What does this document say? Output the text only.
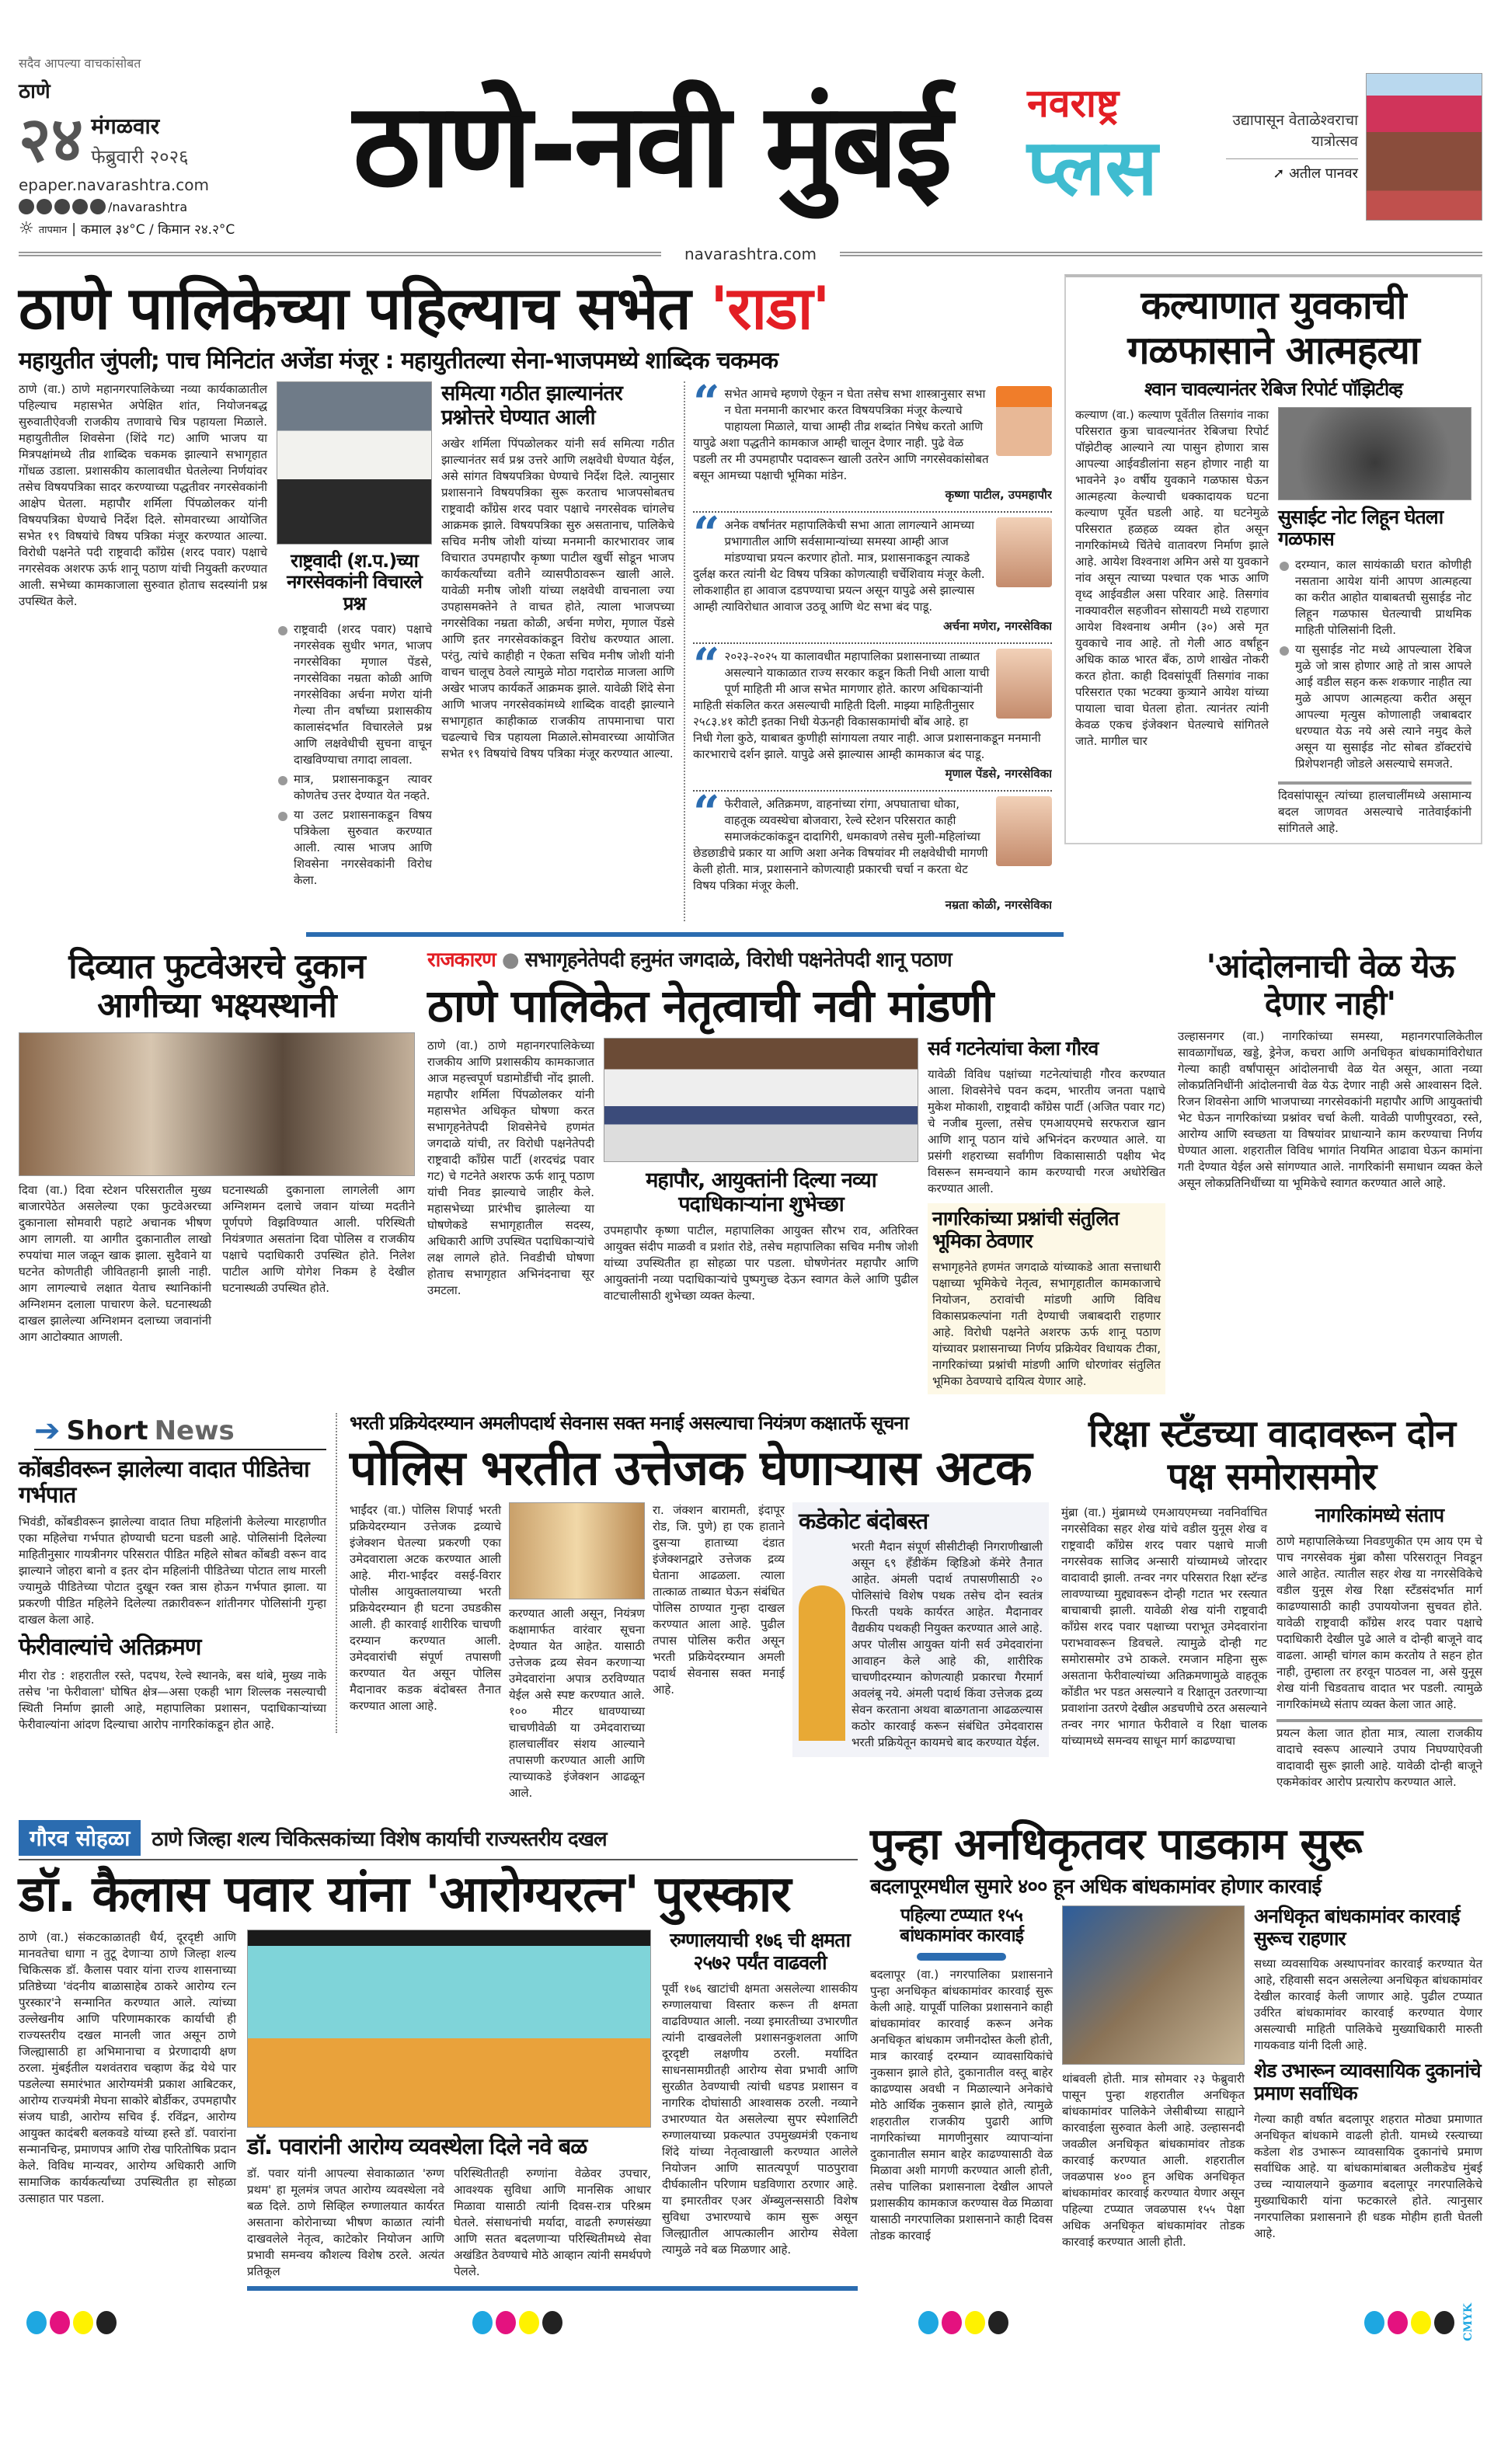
सदैव आपल्या वाचकांसोबत
ठाणे
२४ मंगळवार
फेब्रुवारी २०२६
epaper.navarashtra.com
/navarashtra
☼ तापमान | कमाल ३४°C / किमान २४.२°C
ठाणे-नवी मुंबई	नवराष्ट्र
प्लस
उद्यापासून वेताळेश्वराचा यात्रोत्सव
➚ अतील पानवर
navarashtra.com
ठाणे पालिकेच्या पहिल्याच सभेत 'राडा'
महायुतीत जुंपली; पाच मिनिटांत अजेंडा मंजूर : महायुतीतल्या सेना-भाजपमध्ये शाब्दिक चकमक
ठाणे (वा.) ठाणे महानगरपालिकेच्या नव्या कार्यकाळातील पहिल्याच महासभेत अपेक्षित शांत, नियोजनबद्ध सुरुवातीऐवजी राजकीय तणावाचे चित्र पहायला मिळाले. महायुतीतील शिवसेना (शिंदे गट) आणि भाजप या मित्रपक्षांमध्ये तीव्र शाब्दिक चकमक झाल्याने सभागृहात गोंधळ उडाला. प्रशासकीय कालावधीत घेतलेल्या निर्णयांवर तसेच विषयपत्रिका सादर करण्याच्या पद्धतीवर नगरसेवकांनी आक्षेप घेतला. महापौर शर्मिला पिंपळोलकर यांनी विषयपत्रिका घेण्याचे निर्देश दिले. सोमवारच्या आयोजित सभेत १९ विषयांचे विषय पत्रिका मंजूर करण्यात आल्या. विरोधी पक्षनेते पदी राष्ट्रवादी काँग्रेस (शरद पवार) पक्षाचे नगरसेवक अशरफ ऊर्फ शानू पठाण यांची नियुक्ती करण्यात आली. सभेच्या कामकाजाला सुरुवात होताच सदस्यांनी प्रश्न उपस्थित केले.
राष्ट्रवादी (श.प.)च्या नगरसेवकांनी विचारले प्रश्न

राष्ट्रवादी (शरद पवार) पक्षाचे नगरसेवक सुधीर भगत, भाजप नगरसेविका मृणाल पेंडसे, नगरसेविका नम्रता कोळी आणि नगरसेविका अर्चना मणेरा यांनी गेल्या तीन वर्षांच्या प्रशासकीय कालासंदर्भात विचारलेले प्रश्न आणि लक्षवेधीची सुचना वाचून दाखविण्याचा तगादा लावला.

मात्र, प्रशासनाकडून त्यावर कोणतेच उत्तर देण्यात येत नव्हते.

या उलट प्रशासनाकडून विषय पत्रिकेला सुरुवात करण्यात आली. त्यास भाजप आणि शिवसेना नगरसेवकांनी विरोध केला.

समित्या गठीत झाल्यानंतर प्रश्नोत्तरे घेण्यात आली
अखेर शर्मिला पिंपळोलकर यांनी सर्व समित्या गठीत झाल्यानंतर सर्व प्रश्न उत्तरे आणि लक्षवेधी घेण्यात येईल, असे सांगत विषयपत्रिका घेण्याचे निर्देश दिले. त्यानुसार प्रशासनाने विषयपत्रिका सुरू करताच भाजपसोबतच राष्ट्रवादी काँग्रेस शरद पवार पक्षाचे नगरसेवक चांगलेच आक्रमक झाले. विषयपत्रिका सुरु असतानाच, पालिकेचे सचिव मनीष जोशी यांच्या मनमानी कारभारावर जाब विचारात उपमहापौर कृष्णा पाटील खुर्ची सोडून भाजप कार्यकर्त्यांच्या वतीने व्यासपीठावरून खाली आले. यावेळी मनीष जोशी यांच्या लक्षवेधी वाचनाला ज्या उपहासमक्तेने ते वाचत होते, त्याला भाजपच्या नगरसेविका नम्रता कोळी, अर्चना मणेरा, मृणाल पेंडसे आणि इतर नगरसेवकांकडून विरोध करण्यात आला. परंतु, त्यांचे काहीही न ऐकता सचिव मनीष जोशी यांनी वाचन चालूच ठेवले त्यामुळे मोठा गदारोळ माजला आणि अखेर भाजप कार्यकर्ते आक्रमक झाले. यावेळी शिंदे सेना आणि भाजप नगरसेवकांमध्ये शाब्दिक वादही झाल्याने सभागृहात काहीकाळ राजकीय तापमानाचा पारा चढल्याचे चित्र पहायला मिळाले.सोमवारच्या आयोजित सभेत १९ विषयांचे विषय पत्रिका मंजूर करण्यात आल्या.
“ सभेत आमचे म्हणणे ऐकून न घेता तसेच सभा शास्त्रानुसार सभा न घेता मनमानी कारभार करत विषयपत्रिका मंजूर केल्याचे पाहायला मिळाले, याचा आम्ही तीव्र शब्दांत निषेध करतो आणि यापुढे अशा पद्धतीने कामकाज आम्ही चालून देणार नाही. पुढे वेळ पडली तर मी उपमहापौर पदावरून खाली उतरेन आणि नगरसेवकांसोबत बसून आमच्या पक्षाची भूमिका मांडेन.
कृष्णा पाटील, उपमहापौर
“ अनेक वर्षांनंतर महापालिकेची सभा आता लागल्याने आमच्या प्रभागातील आणि सर्वसामान्यांच्या समस्या आम्ही आज मांडण्याचा प्रयत्न करणार होतो. मात्र, प्रशासनाकडून त्याकडे दुर्लक्ष करत त्यांनी थेट विषय पत्रिका कोणत्याही चर्चेशिवाय मंजूर केली. लोकशाहीत हा आवाज दडपण्याचा प्रयत्न असून यापुढे असे झाल्यास आम्ही त्याविरोधात आवाज उठवू आणि थेट सभा बंद पाडू.
अर्चना मणेरा, नगरसेविका
“ २०२३-२०२५ या कालावधीत महापालिका प्रशासनाच्या ताब्यात असल्याने याकाळात राज्य सरकार कडून किती निधी आला याची पूर्ण माहिती मी आज सभेत मागणार होते. कारण अधिकाऱ्यांनी माहिती संकलित करत असल्याची माहिती दिली. माझ्या माहितीनुसार २५८३.४१ कोटी इतका निधी येऊनही विकासकामांची बोंब आहे. हा निधी गेला कुठे, याबाबत कुणीही सांगायला तयार नाही. आज प्रशासनाकडून मनमानी कारभाराचे दर्शन झाले. यापुढे असे झाल्यास आम्ही कामकाज बंद पाडू.
मृणाल पेंडसे, नगरसेविका
“ फेरीवाले, अतिक्रमण, वाहनांच्या रांगा, अपघाताचा धोका, वाहतूक व्यवस्थेचा बोजवारा, रेल्वे स्टेशन परिसरात काही समाजकंटकांकडून दादागिरी, धमकावणे तसेच मुली-महिलांच्या छेडछाडीचे प्रकार या आणि अशा अनेक विषयांवर मी लक्षवेधीची मागणी केली होती. मात्र, प्रशासनाने कोणत्याही प्रकारची चर्चा न करता थेट विषय पत्रिका मंजूर केली.
नम्रता कोळी, नगरसेविका
कल्याणात युवकाची गळफासाने आत्महत्या
श्वान चावल्यानंतर रेबिज रिपोर्ट पॉझिटीव्ह
कल्याण (वा.) कल्याण पूर्वेतील तिसगांव नाका परिसरात कुत्रा चावल्यानंतर रेबिजचा रिपोर्ट पॉझेटीव्ह आल्याने त्या पासुन होणारा त्रास आपल्या आईवडीलांना सहन होणार नाही या भावनेने ३० वर्षीय युवकाने गळफास घेऊन आत्महत्या केल्याची धक्कादायक घटना कल्याण पूर्वेत घडली आहे. या घटनेमुळे परिसरात हळहळ व्यक्त होत असून नागरिकांमध्ये चिंतेचे वातावरण निर्माण झाले आहे. आयेश विश्वनाश अमिन असे या युवकाने नांव असून त्याच्या पश्चात एक भाऊ आणि वृध्द आईवडील असा परिवार आहे. तिसगांव नाक्यावरील सहजीवन सोसायटी मध्ये राहणारा आयेश विश्वनाथ अमीन (३०) असे मृत युवकाचे नाव आहे. तो गेली आठ वर्षांहून अधिक काळ भारत बँक, ठाणे शाखेत नोकरी करत होता. काही दिवसांपूर्वी तिसगांव नाका परिसरात एका भटक्या कुत्र्याने आयेश यांच्या पायाला चावा घेतला होता. त्यानंतर त्यांनी केवळ एकच इंजेक्शन घेतल्याचे सांगितले जाते. मागील चार
सुसाईट नोट लिहून घेतला गळफास

दरम्यान, काल सायंकाळी घरात कोणीही नसताना आयेश यांनी आपण आत्महत्या का करीत आहोत याबाबतची सुसाईड नोट लिहून गळफास घेतल्याची प्राथमिक माहिती पोलिसांनी दिली.

या सुसाईड नोट मध्ये आपल्याला रेबिज मुळे जो त्रास होणार आहे तो त्रास आपले आई वडील सहन करू शकणार नाहीत त्या मुळे आपण आत्महत्या करीत असून आपल्या मृत्युस कोणालाही जबाबदार धरण्यात येऊ नये असे त्याने नमुद केले असून या सुसाईड नोट सोबत डॉक्टरांचे प्रिशेपशनही जोडले असल्याचे समजते.

दिवसांपासून त्यांच्या हालचालींमध्ये असामान्य बदल जाणवत असल्याचे नातेवाईकांनी सांगितले आहे.
दिव्यात फुटवेअरचे दुकान आगीच्या भक्ष्यस्थानी
दिवा (वा.) दिवा स्टेशन परिसरातील मुख्य बाजारपेठेत असलेल्या एका फुटवेअरच्या दुकानाला सोमवारी पहाटे अचानक भीषण आग लागली. या आगीत दुकानातील लाखो रुपयांचा माल जळून खाक झाला. सुदैवाने या घटनेत कोणतीही जीवितहानी झाली नाही. आग लागल्याचे लक्षात येताच स्थानिकांनी अग्निशमन दलाला पाचारण केले. घटनास्थळी दाखल झालेल्या अग्निशमन दलाच्या जवानांनी आग आटोक्यात आणली.
घटनास्थळी दुकानाला लागलेली आग अग्निशमन दलाचे जवान यांच्या मदतीने पूर्णपणे विझविण्यात आली. परिस्थिती नियंत्रणात असतांना दिवा पोलिस व राजकीय पक्षाचे पदाधिकारी उपस्थित होते. निलेश पाटील आणि योगेश निकम हे देखील घटनास्थळी उपस्थित होते.
राजकारण ● सभागृहनेतेपदी हनुमंत जगदाळे, विरोधी पक्षनेतेपदी शानू पठाण
ठाणे पालिकेत नेतृत्वाची नवी मांडणी
ठाणे (वा.) ठाणे महानगरपालिकेच्या राजकीय आणि प्रशासकीय कामकाजात आज महत्त्वपूर्ण घडामोडींची नोंद झाली. महापौर शर्मिला पिंपळोलकर यांनी महासभेत अधिकृत घोषणा करत सभागृहनेतेपदी शिवसेनेचे हणमंत जगदाळे यांची, तर विरोधी पक्षनेतेपदी राष्ट्रवादी काँग्रेस पार्टी (शरदचंद्र पवार गट) चे गटनेते अशरफ ऊर्फ शानू पठाण यांची निवड झाल्याचे जाहीर केले. महासभेच्या प्रारंभीच झालेल्या या घोषणेकडे सभागृहातील सदस्य, अधिकारी आणि उपस्थित पदाधिकाऱ्यांचे लक्ष लागले होते. निवडीची घोषणा होताच सभागृहात अभिनंदनाचा सूर उमटला.
महापौर, आयुक्तांनी दिल्या नव्या पदाधिकाऱ्यांना शुभेच्छा
उपमहापौर कृष्णा पाटील, महापालिका आयुक्त सौरभ राव, अतिरिक्त आयुक्त संदीप माळवी व प्रशांत रोडे, तसेच महापालिका सचिव मनीष जोशी यांच्या उपस्थितीत हा सोहळा पार पडला. घोषणेनंतर महापौर आणि आयुक्तांनी नव्या पदाधिकाऱ्यांचे पुष्पगुच्छ देऊन स्वागत केले आणि पुढील वाटचालीसाठी शुभेच्छा व्यक्त केल्या.
सर्व गटनेत्यांचा केला गौरव
यावेळी विविध पक्षांच्या गटनेत्यांचाही गौरव करण्यात आला. शिवसेनेचे पवन कदम, भारतीय जनता पक्षाचे मुकेश मोकाशी, राष्ट्रवादी काँग्रेस पार्टी (अजित पवार गट) चे नजीब मुल्ला, तसेच एमआयएमचे सरफराज खान आणि शानू पठान यांचे अभिनंदन करण्यात आले. या प्रसंगी शहराच्या सर्वांगीण विकासासाठी पक्षीय भेद विसरून समन्वयाने काम करण्याची गरज अधोरेखित करण्यात आली.
नागरिकांच्या प्रश्नांची संतुलित भूमिका ठेवणार
सभागृहनेते हणमंत जगदाळे यांच्याकडे आता सत्ताधारी पक्षाच्या भूमिकेचे नेतृत्व, सभागृहातील कामकाजाचे नियोजन, ठरावांची मांडणी आणि विविध विकासप्रकल्पांना गती देण्याची जबाबदारी राहणार आहे. विरोधी पक्षनेते अशरफ ऊर्फ शानू पठाण यांच्यावर प्रशासनाच्या निर्णय प्रक्रियेवर विधायक टीका, नागरिकांच्या प्रश्नांची मांडणी आणि धोरणांवर संतुलित भूमिका ठेवण्याचे दायित्व येणार आहे.
'आंदोलनाची वेळ येऊ देणार नाही'
उल्हासनगर (वा.) नागरिकांच्या समस्या, महानगरपालिकेतील सावळागोंधळ, खड्डे, ड्रेनेज, कचरा आणि अनधिकृत बांधकामांविरोधात गेल्या काही वर्षांपासून आंदोलनाची वेळ येत असून, आता नव्या लोकप्रतिनिधींनी आंदोलनाची वेळ येऊ देणार नाही असे आश्वासन दिले. रिजन शिवसेना आणि भाजपाच्या नगरसेवकांनी महापौर आणि आयुक्तांची भेट घेऊन नागरिकांच्या प्रश्नांवर चर्चा केली. यावेळी पाणीपुरवठा, रस्ते, आरोग्य आणि स्वच्छता या विषयांवर प्राधान्याने काम करण्याचा निर्णय घेण्यात आला. शहरातील विविध भागांत नियमित आढावा घेऊन कामांना गती देण्यात येईल असे सांगण्यात आले. नागरिकांनी समाधान व्यक्त केले असून लोकप्रतिनिधींच्या या भूमिकेचे स्वागत करण्यात आले आहे.
➔ Short News
कोंबडीवरून झालेल्या वादात पीडितेचा गर्भपात
भिवंडी, कोंबडीवरून झालेल्या वादात तिघा महिलांनी केलेल्या मारहाणीत एका महिलेचा गर्भपात होण्याची घटना घडली आहे. पोलिसांनी दिलेल्या माहितीनुसार गायत्रीनगर परिसरात पीडित महिले सोबत कोंबडी वरून वाद झाल्याने जोहरा बानो व इतर दोन महिलांनी पीडितेच्या पोटात लाथ मारली ज्यामुळे पीडितेच्या पोटात दुखून रक्त त्रास होऊन गर्भपात झाला. या प्रकरणी पीडित महिलेने दिलेल्या तक्रारीवरून शांतीनगर पोलिसांनी गुन्हा दाखल केला आहे.
फेरीवाल्यांचे अतिक्रमण
मीरा रोड : शहरातील रस्ते, पदपथ, रेल्वे स्थानके, बस थांबे, मुख्य नाके तसेच 'ना फेरीवाला' घोषित क्षेत्र—असा एकही भाग शिल्लक नसल्याची स्थिती निर्माण झाली आहे, महापालिका प्रशासन, पदाधिकाऱ्यांच्या फेरीवाल्यांना आंदण दिल्याचा आरोप नागरिकांकडून होत आहे.
भरती प्रक्रियेदरम्यान अमलीपदार्थ सेवनास सक्त मनाई असल्याचा नियंत्रण कक्षातर्फे सूचना
पोलिस भरतीत उत्तेजक घेणाऱ्यास अटक
भाईंदर (वा.) पोलिस शिपाई भरती प्रक्रियेदरम्यान उत्तेजक द्रव्याचे इंजेक्शन घेतल्या प्रकरणी एका उमेदवाराला अटक करण्यात आली आहे. मीरा-भाईंदर वसई-विरार पोलीस आयुक्तालयाच्या भरती प्रक्रियेदरम्यान ही घटना उघडकीस आली. ही कारवाई शारीरिक चाचणी दरम्यान करण्यात आली. उमेदवारांची संपूर्ण तपासणी करण्यात येत असून पोलिस मैदानावर कडक बंदोबस्त तैनात करण्यात आला आहे.
करण्यात आली असून, नियंत्रण कक्षामार्फत वारंवार सूचना देण्यात येत आहेत. यासाठी उत्तेजक द्रव्य सेवन करणाऱ्या उमेदवारांना अपात्र ठरविण्यात येईल असे स्पष्ट करण्यात आले. १०० मीटर धावण्याच्या चाचणीवेळी या उमेदवाराच्या हालचालींवर संशय आल्याने तपासणी करण्यात आली आणि त्याच्याकडे इंजेक्शन आढळून आले.
रा. जंक्शन बारामती, इंदापूर रोड, जि. पुणे) हा एक हाताने दुसऱ्या हाताच्या दंडात इंजेक्शनद्वारे उत्तेजक द्रव्य घेताना आढळला. त्याला तात्काळ ताब्यात घेऊन संबंधित पोलिस ठाण्यात गुन्हा दाखल करण्यात आला आहे. पुढील तपास पोलिस करीत असून भरती प्रक्रियेदरम्यान अमली पदार्थ सेवनास सक्त मनाई आहे.
कडेकोट बंदोबस्त
भरती मैदान संपूर्ण सीसीटीव्ही निगराणीखाली असून ६९ हँडीकॅम व्हिडिओ कॅमेरे तैनात आहेत. अंमली पदार्थ तपासणीसाठी २० पोलिसांचे विशेष पथक तसेच दोन स्वतंत्र फिरती पथके कार्यरत आहेत. मैदानावर वैद्यकीय पथकही नियुक्त करण्यात आले आहे. अपर पोलीस आयुक्त यांनी सर्व उमेदवारांना आवाहन केले आहे की, शारीरिक चाचणीदरम्यान कोणत्याही प्रकारचा गैरमार्ग अवलंबू नये. अंमली पदार्थ किंवा उत्तेजक द्रव्य सेवन करताना अथवा बाळगताना आढळल्यास कठोर कारवाई करून संबंधित उमेदवारास भरती प्रक्रियेतून कायमचे बाद करण्यात येईल.
रिक्षा स्टँडच्या वादावरून दोन पक्ष समोरासमोर
मुंब्रा (वा.) मुंब्रामध्ये एमआयएमच्या नवनिर्वाचित नगरसेविका सहर शेख यांचे वडील युनूस शेख व राष्ट्रवादी काँग्रेस शरद पवार पक्षाचे माजी नगरसेवक साजिद अन्सारी यांच्यामध्ये जोरदार वादावादी झाली. तन्वर नगर परिसरात रिक्षा स्टॅन्ड लावण्याच्या मुद्द्यावरून दोन्ही गटात भर रस्त्यात बाचाबाची झाली. यावेळी शेख यांनी राष्ट्रवादी काँग्रेस शरद पवार पक्षाच्या पराभूत उमेदवारांना पराभवावरून डिवचले. त्यामुळे दोन्ही गट समोरासमोर उभे ठाकले. रमजान महिना सुरू असताना फेरीवाल्यांच्या अतिक्रमणामुळे वाहतूक कोंडीत भर पडत असल्याने व रिक्षातून उतरणाऱ्या प्रवाशांना उतरणे देखील अडचणीचे ठरत असल्याने तन्वर नगर भागात फेरीवाले व रिक्षा चालक यांच्यामध्ये समन्वय साधून मार्ग काढण्याचा
नागरिकांमध्ये संताप
ठाणे महापालिकेच्या निवडणुकीत एम आय एम चे पाच नगरसेवक मुंब्रा कौसा परिसरातून निवडून आले आहेत. त्यातील सहर शेख या नगरसेविकेचे वडील युनूस शेख रिक्षा स्टँडसंदर्भात मार्ग काढण्यासाठी काही उपाययोजना सुचवत होते. यावेळी राष्ट्रवादी काँग्रेस शरद पवार पक्षाचे पदाधिकारी देखील पुढे आले व दोन्ही बाजूने वाद वाढला. आम्ही चांगल काम करतोय ते सहन होत नाही, तुम्हाला तर हरवून पाठवल ना, असे युनूस शेख यांनी चिडवताच वादात भर पडली. त्यामुळे नागरिकांमध्ये संताप व्यक्त केला जात आहे.
प्रयत्न केला जात होता मात्र, त्याला राजकीय वादाचे स्वरूप आल्याने उपाय निघण्याऐवजी वादावादी सुरू झाली आहे. यावेळी दोन्ही बाजूने एकमेकांवर आरोप प्रत्यारोप करण्यात आले.
गौरव सोहळा	ठाणे जिल्हा शल्य चिकित्सकांच्या विशेष कार्याची राज्यस्तरीय दखल
डॉ. कैलास पवार यांना 'आरोग्यरत्न' पुरस्कार
ठाणे (वा.) संकटकाळातही धैर्य, दूरदृष्टी आणि मानवतेचा धागा न तुटू देणाऱ्या ठाणे जिल्हा शल्य चिकित्सक डॉ. कैलास पवार यांना राज्य शासनाच्या प्रतिष्ठेच्या 'वंदनीय बाळासाहेब ठाकरे आरोग्य रत्न पुरस्कार'ने सन्मानित करण्यात आले. त्यांच्या उल्लेखनीय आणि परिणामकारक कार्याची ही राज्यस्तरीय दखल मानली जात असून ठाणे जिल्ह्यासाठी हा अभिमानाचा व प्रेरणादायी क्षण ठरला. मुंबईतील यशवंतराव चव्हाण केंद्र येथे पार पडलेल्या समारंभात आरोग्यमंत्री प्रकाश आबिटकर, आरोग्य राज्यमंत्री मेघना साकोरे बोर्डीकर, उपमहापौर संजय घाडी, आरोग्य सचिव ई. रविंद्रन, आरोग्य आयुक्त कादंबरी बलकवडे यांच्या हस्ते डॉ. पवारांना सन्मानचिन्ह, प्रमाणपत्र आणि रोख पारितोषिक प्रदान केले. विविध मान्यवर, आरोग्य अधिकारी आणि सामाजिक कार्यकर्त्यांच्या उपस्थितीत हा सोहळा उत्साहात पार पडला.
डॉ. पवारांनी आरोग्य व्यवस्थेला दिले नवे बळ
डॉ. पवार यांनी आपल्या सेवाकाळात 'रुग्ण प्रथम' हा मूलमंत्र जपत आरोग्य व्यवस्थेला नवे बळ दिले. ठाणे सिव्हिल रुग्णालयात कार्यरत असताना कोरोनाच्या भीषण काळात त्यांनी दाखवलेले नेतृत्व, काटेकोर नियोजन आणि प्रभावी समन्वय कौशल्य विशेष ठरले. अत्यंत प्रतिकूल
परिस्थितीतही रुग्णांना वेळेवर उपचार, आवश्यक सुविधा आणि मानसिक आधार मिळावा यासाठी त्यांनी दिवस-रात्र परिश्रम घेतले. संसाधनांची मर्यादा, वाढती रुग्णसंख्या आणि सतत बदलणाऱ्या परिस्थितीमध्ये सेवा अखंडित ठेवण्याचे मोठे आव्हान त्यांनी समर्थपणे पेलले.
रुग्णालयाची १७६ ची क्षमता २५७२ पर्यंत वाढवली
पूर्वी १७६ खाटांची क्षमता असलेल्या शासकीय रुग्णालयाचा विस्तार करून ती क्षमता वाढविण्यात आली. नव्या इमारतीच्या उभारणीत त्यांनी दाखवलेली प्रशासनकुशलता आणि दूरदृष्टी लक्षणीय ठरली. मर्यादित साधनसामग्रीतही आरोग्य सेवा प्रभावी आणि सुरळीत ठेवण्याची त्यांची धडपड प्रशासन व नागरिक दोघांसाठी आश्वासक ठरली. नव्याने उभारण्यात येत असलेल्या सुपर स्पेशालिटी रुग्णालयाच्या प्रकल्पात उपमुख्यमंत्री एकनाथ शिंदे यांच्या नेतृत्वाखाली करण्यात आलेले नियोजन आणि सातत्यपूर्ण पाठपुरावा दीर्घकालीन परिणाम घडविणारा ठरणार आहे. या इमारतीवर एअर ॲम्ब्युलन्ससाठी विशेष सुविधा उभारण्याचे काम सुरू असून जिल्ह्यातील आपत्कालीन आरोग्य सेवेला त्यामुळे नवे बळ मिळणार आहे.
पुन्हा अनधिकृतवर पाडकाम सुरू
बदलापूरमधील सुमारे ४०० हून अधिक बांधकामांवर होणार कारवाई
पहिल्या टप्प्यात १५५ बांधकामांवर कारवाई
बदलापूर (वा.) नगरपालिका प्रशासनाने पुन्हा अनधिकृत बांधकामांवर कारवाई सुरू केली आहे. यापूर्वी पालिका प्रशासनाने काही बांधकामांवर कारवाई करून अनेक अनधिकृत बांधकाम जमीनदोस्त केली होती, मात्र कारवाई दरम्यान व्यावसायिकांचे नुकसान झाले होते, दुकानातील वस्तू बाहेर काढण्यास अवधी न मिळाल्याने अनेकांचे मोठे आर्थिक नुकसान झाले होते, त्यामुळे शहरातील राजकीय पुढारी आणि नागरिकांच्या मागणीनुसार व्यापाऱ्यांना दुकानातील समान बाहेर काढण्यासाठी वेळ मिळावा अशी मागणी करण्यात आली होती, तसेच पालिका प्रशासनाला देखील आपले प्रशासकीय कामकाज करण्यास वेळ मिळावा यासाठी नगरपालिका प्रशासनाने काही दिवस तोडक कारवाई
थांबवली होती. मात्र सोमवार २३ फेब्रुवारी पासून पुन्हा शहरातील अनधिकृत बांधकामांवर पालिकेने जेसीबीच्या साह्याने कारवाईला सुरुवात केली आहे. उल्हासनदी जवळील अनधिकृत बांधकामांवर तोडक कारवाई करण्यात आली. शहरातील जवळपास ४०० हून अधिक अनधिकृत बांधकामांवर कारवाई करण्यात येणार असून पहिल्या टप्प्यात जवळपास १५५ पेक्षा अधिक अनधिकृत बांधकामांवर तोडक कारवाई करण्यात आली होती.
अनधिकृत बांधकामांवर कारवाई सुरूच राहणार
सध्या व्यवसायिक अस्थापनांवर कारवाई करण्यात येत आहे, रहिवासी सदन असलेल्या अनधिकृत बांधकामांवर देखील कारवाई केली जाणार आहे. पुढील टप्प्यात उर्वरित बांधकामांवर कारवाई करण्यात येणार असल्याची माहिती पालिकेचे मुख्याधिकारी मारुती गायकवाड यांनी दिली आहे.
शेड उभारून व्यावसायिक दुकानांचे प्रमाण सर्वाधिक
गेल्या काही वर्षात बदलापूर शहरात मोठ्या प्रमाणात अनधिकृत बांधकामे वाढली होती. यामध्ये रस्त्याच्या कडेला शेड उभारून व्यावसायिक दुकानांचे प्रमाण सर्वाधिक आहे. या बांधकामांबाबत अलीकडेच मुंबई उच्च न्यायालयाने कुळगाव बदलापूर नगरपालिकेचे मुख्याधिकारी यांना फटकारले होते. त्यानुसार नगरपालिका प्रशासनाने ही धडक मोहीम हाती घेतली आहे.
CMYK
